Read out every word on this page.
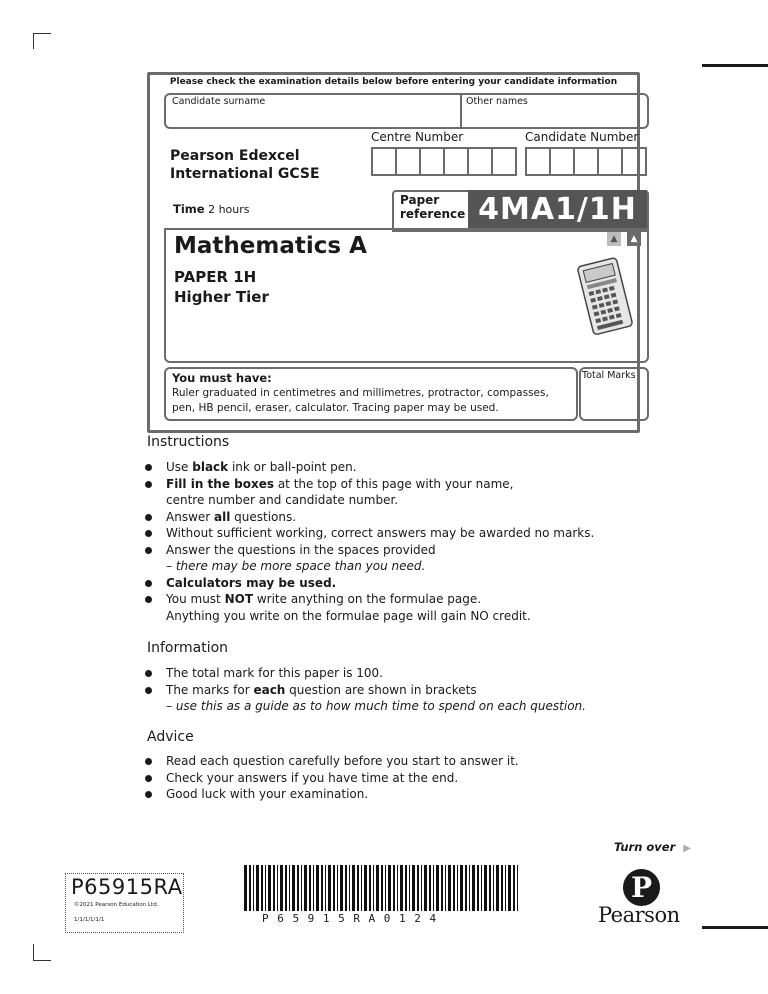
Please check the examination details below before entering your candidate information
Candidate surname	Other names
Centre Number	Candidate Number
Pearson Edexcel
International GCSE
Time 2 hours
Paper
reference 4MA1/1H
Mathematics A
PAPER 1H
Higher Tier
▲	▲
You must have:
Ruler graduated in centimetres and millimetres, protractor, compasses, pen, HB pencil, eraser, calculator. Tracing paper may be used.
Total Marks
Instructions
Use black ink or ball-point pen.
Fill in the boxes at the top of this page with your name,
centre number and candidate number.
Answer all questions.
Without sufficient working, correct answers may be awarded no marks.
Answer the questions in the spaces provided
– there may be more space than you need.
Calculators may be used.
You must NOT write anything on the formulae page.
Anything you write on the formulae page will gain NO credit.
Information
The total mark for this paper is 100.
The marks for each question are shown in brackets
– use this as a guide as to how much time to spend on each question.
Advice
Read each question carefully before you start to answer it.
Check your answers if you have time at the end.
Good luck with your examination.
Turn over ▶
P65915RA
©2021 Pearson Education Ltd.
1/1/1/1/1/1	P65915RA0124
P
Pearson
